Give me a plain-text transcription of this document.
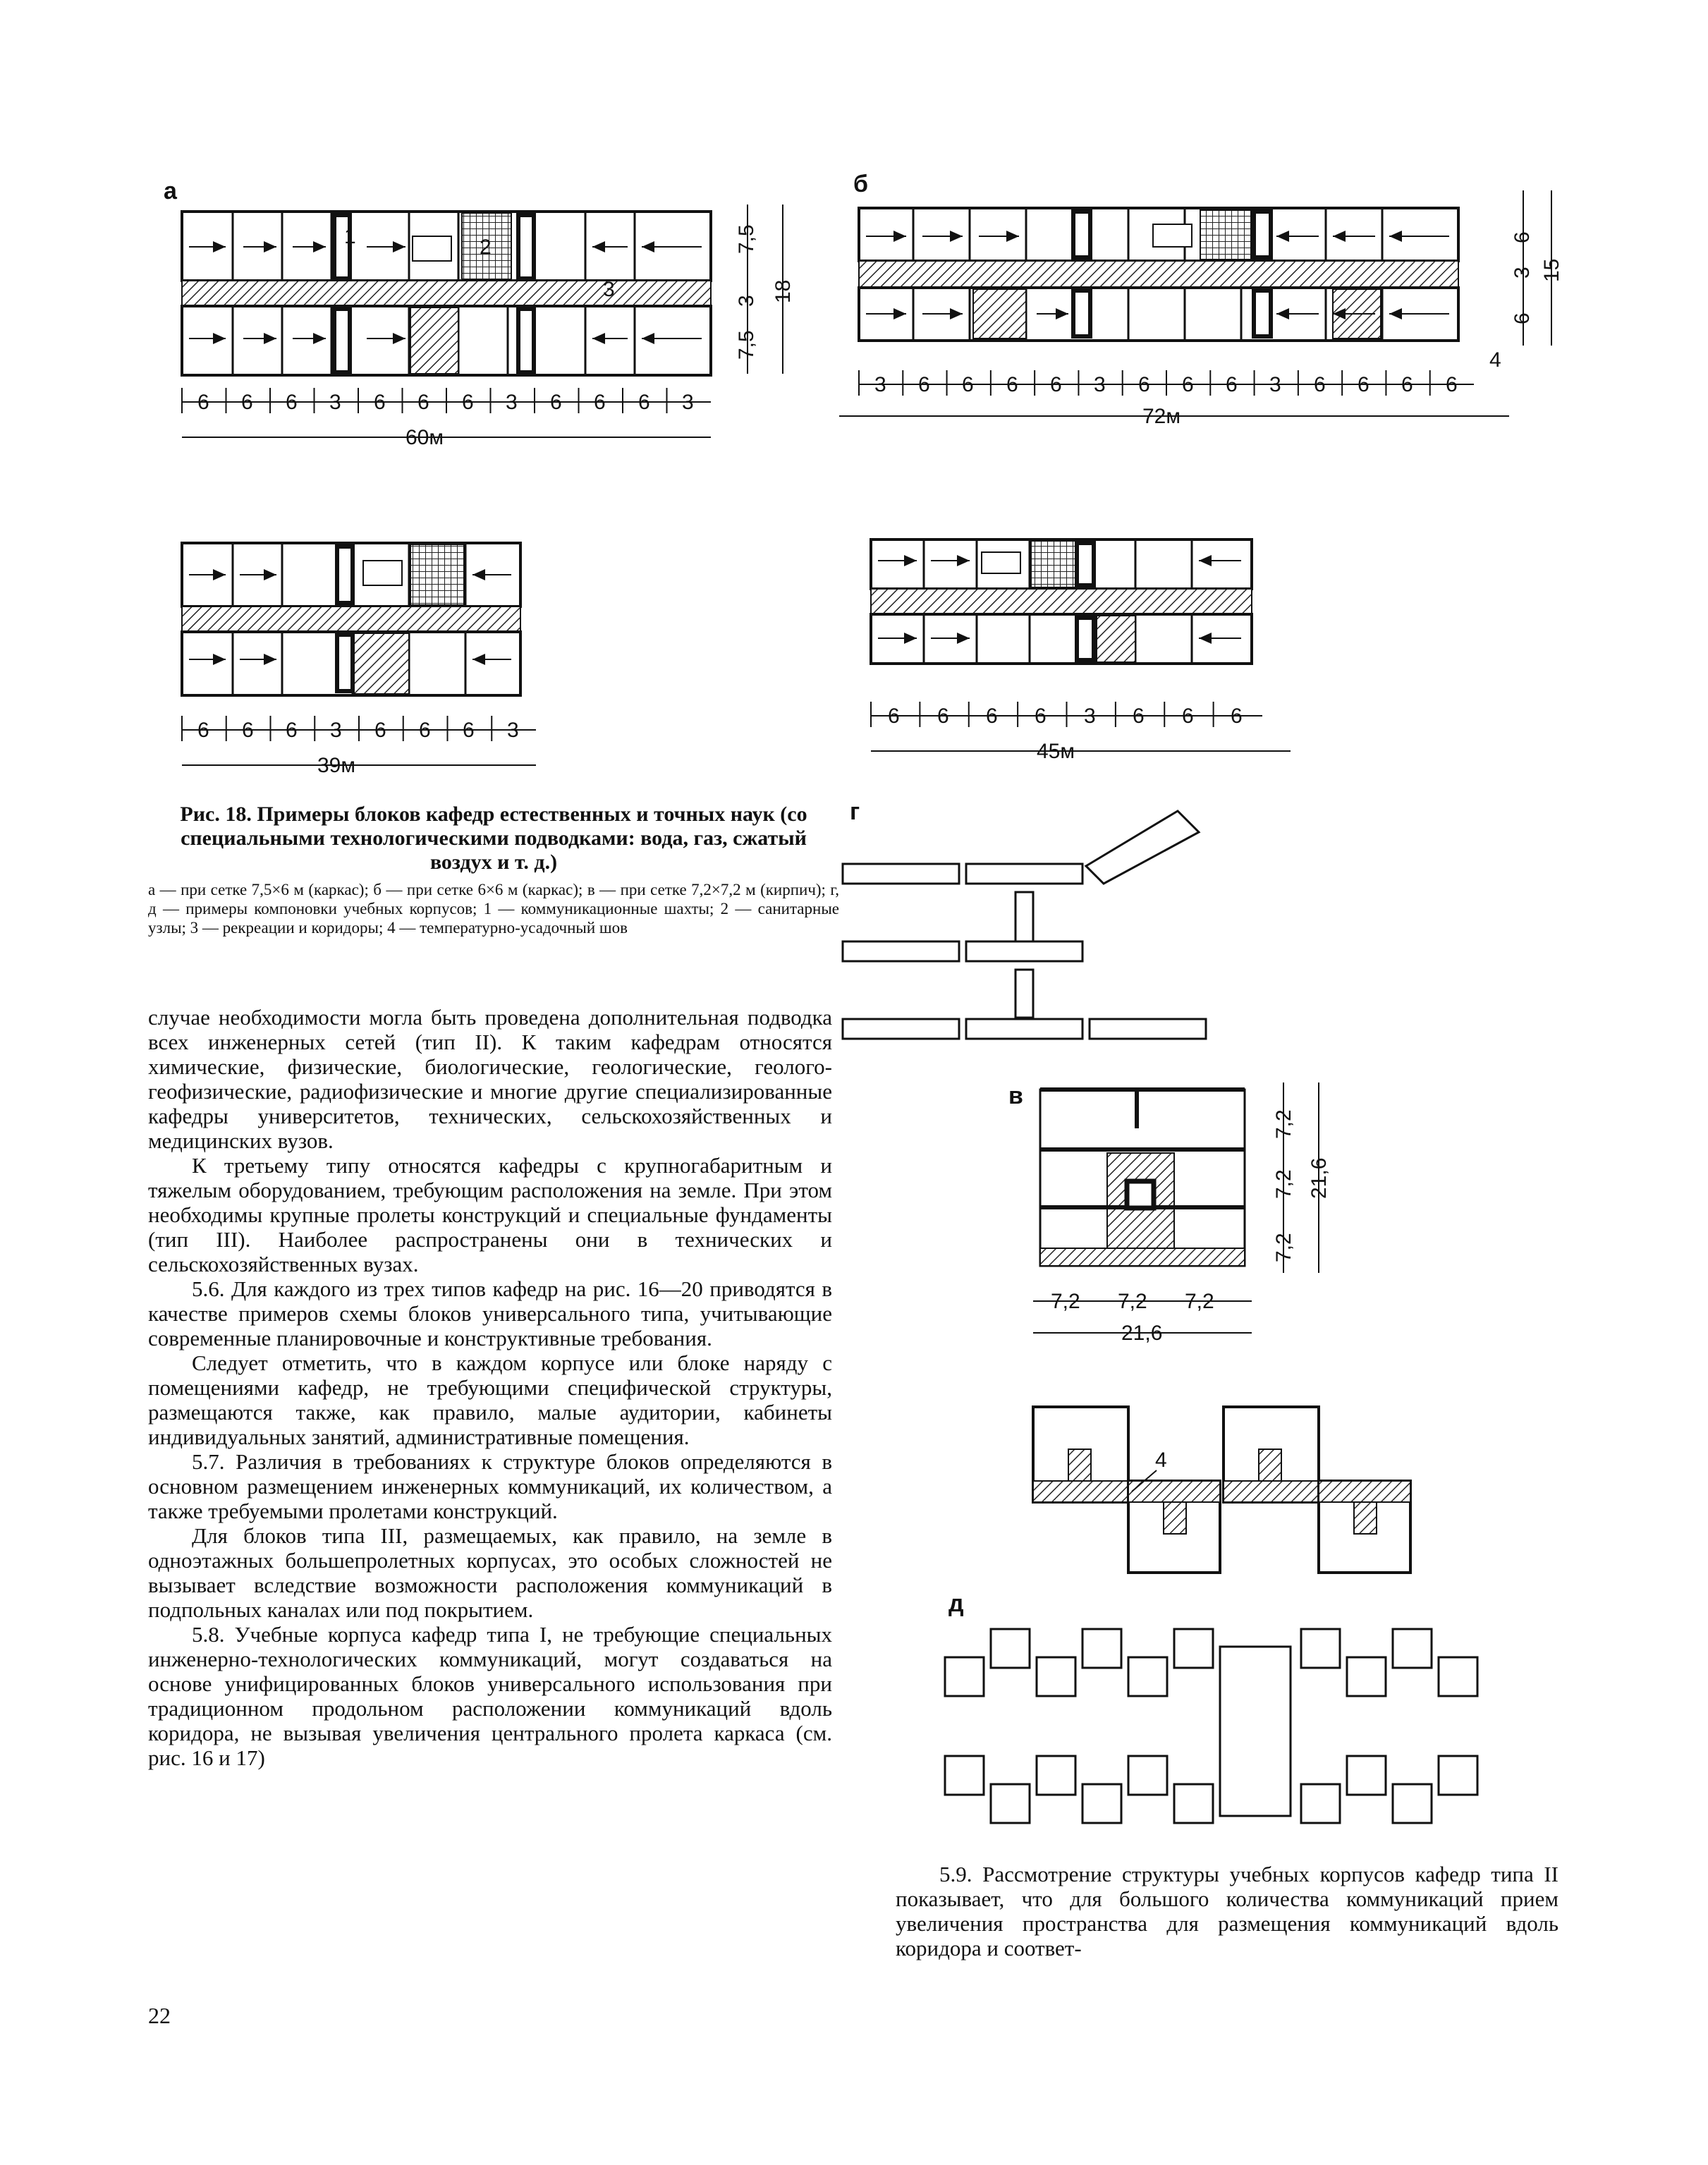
а
1	2
3
6 6 6 3 6 6 6 3 6 6 6 3
60м
7,5
3
7,5
18
б
3 6 6 6 6 3 6 6 6 3 6 6 6 6
72м
4
6
3
6
15
6 6 6 3 6 6 6 3
39м
6 6 6 6 3 6 6 6
45м
г
в
7,2 7,2 7,2
21,6
7,2
7,2
7,2
21,6
4
д
Рис. 18. Примеры блоков кафедр естественных и точных наук (со специальными технологическими подводками: вода, газ, сжатый воздух и т. д.)
а — при сетке 7,5×6 м (каркас); б — при сетке 6×6 м (каркас); в — при сетке 7,2×7,2 м (кирпич); г, д — примеры компоновки учебных корпусов; 1 — коммуникационные шахты; 2 — санитарные узлы; 3 — рекреации и коридоры; 4 — температурно-усадочный шов

случае необходимости могла быть проведена дополнительная подводка всех инженерных сетей (тип II). К таким кафедрам относятся химические, физические, биологические, геологические, геолого-геофизические, радиофизические и многие другие специализированные кафедры университетов, технических, сельскохозяйственных и медицинских вузов.

К третьему типу относятся кафедры с крупногабаритным и тяжелым оборудованием, требующим расположения на земле. При этом необходимы крупные пролеты конструкций и специальные фундаменты (тип III). Наиболее распространены они в технических и сельскохозяйственных вузах.

5.6. Для каждого из трех типов кафедр на рис. 16—20 приводятся в качестве примеров схемы блоков универсального типа, учитывающие современные планировочные и конструктивные требования.

Следует отметить, что в каждом корпусе или блоке наряду с помещениями кафедр, не требующими специфической структуры, размещаются также, как правило, малые аудитории, кабинеты индивидуальных занятий, административные помещения.

5.7. Различия в требованиях к структуре блоков определяются в основном размещением инженерных коммуникаций, их количеством, а также требуемыми пролетами конструкций.

Для блоков типа III, размещаемых, как правило, на земле в одноэтажных большепролетных корпусах, это особых сложностей не вызывает вследствие возможности расположения коммуникаций в подпольных каналах или под покрытием.

5.8. Учебные корпуса кафедр типа I, не требующие специальных инженерно-технологических коммуникаций, могут создаваться на основе унифицированных блоков универсального использования при традиционном продольном расположении коммуникаций вдоль коридора, не вызывая увеличения центрального пролета каркаса (см. рис. 16 и 17)

5.9. Рассмотрение структуры учебных корпусов кафедр типа II показывает, что для большого количества коммуникаций прием увеличения пространства для размещения коммуникаций вдоль коридора и соответ-

22
